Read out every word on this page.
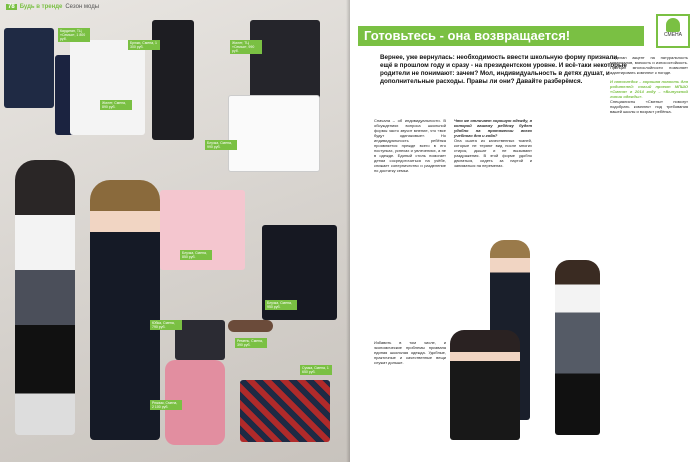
78 Будь в тренде Сезон моды
Кардиган, ТЦ «Семья», 1 800 руб.
Жилет, Смена, 890 руб.
Брюки, Смена, 1 300 руб.
Жилет, ТЦ «Семья», 990 руб.
Блузка, Смена, 990 руб.
Блузка, Смена, 850 руб.
Юбка, Смена, 790 руб.
Ремень, Смена, 390 руб.
Блузка, Смена, 950 руб.
Рюкзак, Смена, 2 100 руб.
Сумка, Смена, 1 650 руб.
Готовьтесь - она возвращается!	СМЕНА
Вернее, уже вернулась: необходимость ввести школьную форму признали ещё в прошлом году и сразу - на президентском уровне. И всё-таки некоторые родители не понимают: зачем? Мол, индивидуальность в детях душат, и дополнительные расходы. Правы ли они? Давайте разберёмся.
Сначала – об индивидуальности. В обсуждениях вопроса школьной формы часто звучит мнение, что «все будут одинаковые». Но индивидуальность ребёнка проявляется прежде всего в его поступках, успехах и увлечениях, а не в одежде. Единый стиль помогает детям сосредоточиться на учёбе, снижает соперничество и разделение по достатку семьи.
Избавить в том числе, и экономические проблемы призвана единая школьная одежда. Удобные, практичные и качественные вещи служат дольше.
Что же отличает хорошую одежду, в которой вашему ребёнку будет удобно на протяжении всего учебного дня и года?
Она сшита из качественных тканей, которые не теряют вид после многих стирок, дышат и не вызывают раздражения. В этой форме удобно двигаться, сидеть за партой и заниматься на переменах.
...сделан акцент на натуральность материалов, мягкость и износостойкость. Принцип многослойности позволяет адаптировать комплект к погоде.
И напоследок – хорошая новость для родителей: новый проект МПШО «Смена» в 2014 году – «Выпускной линии одежды».
Специалисты «Смены» помогут подобрать комплект под требования вашей школы и возраст ребёнка.
